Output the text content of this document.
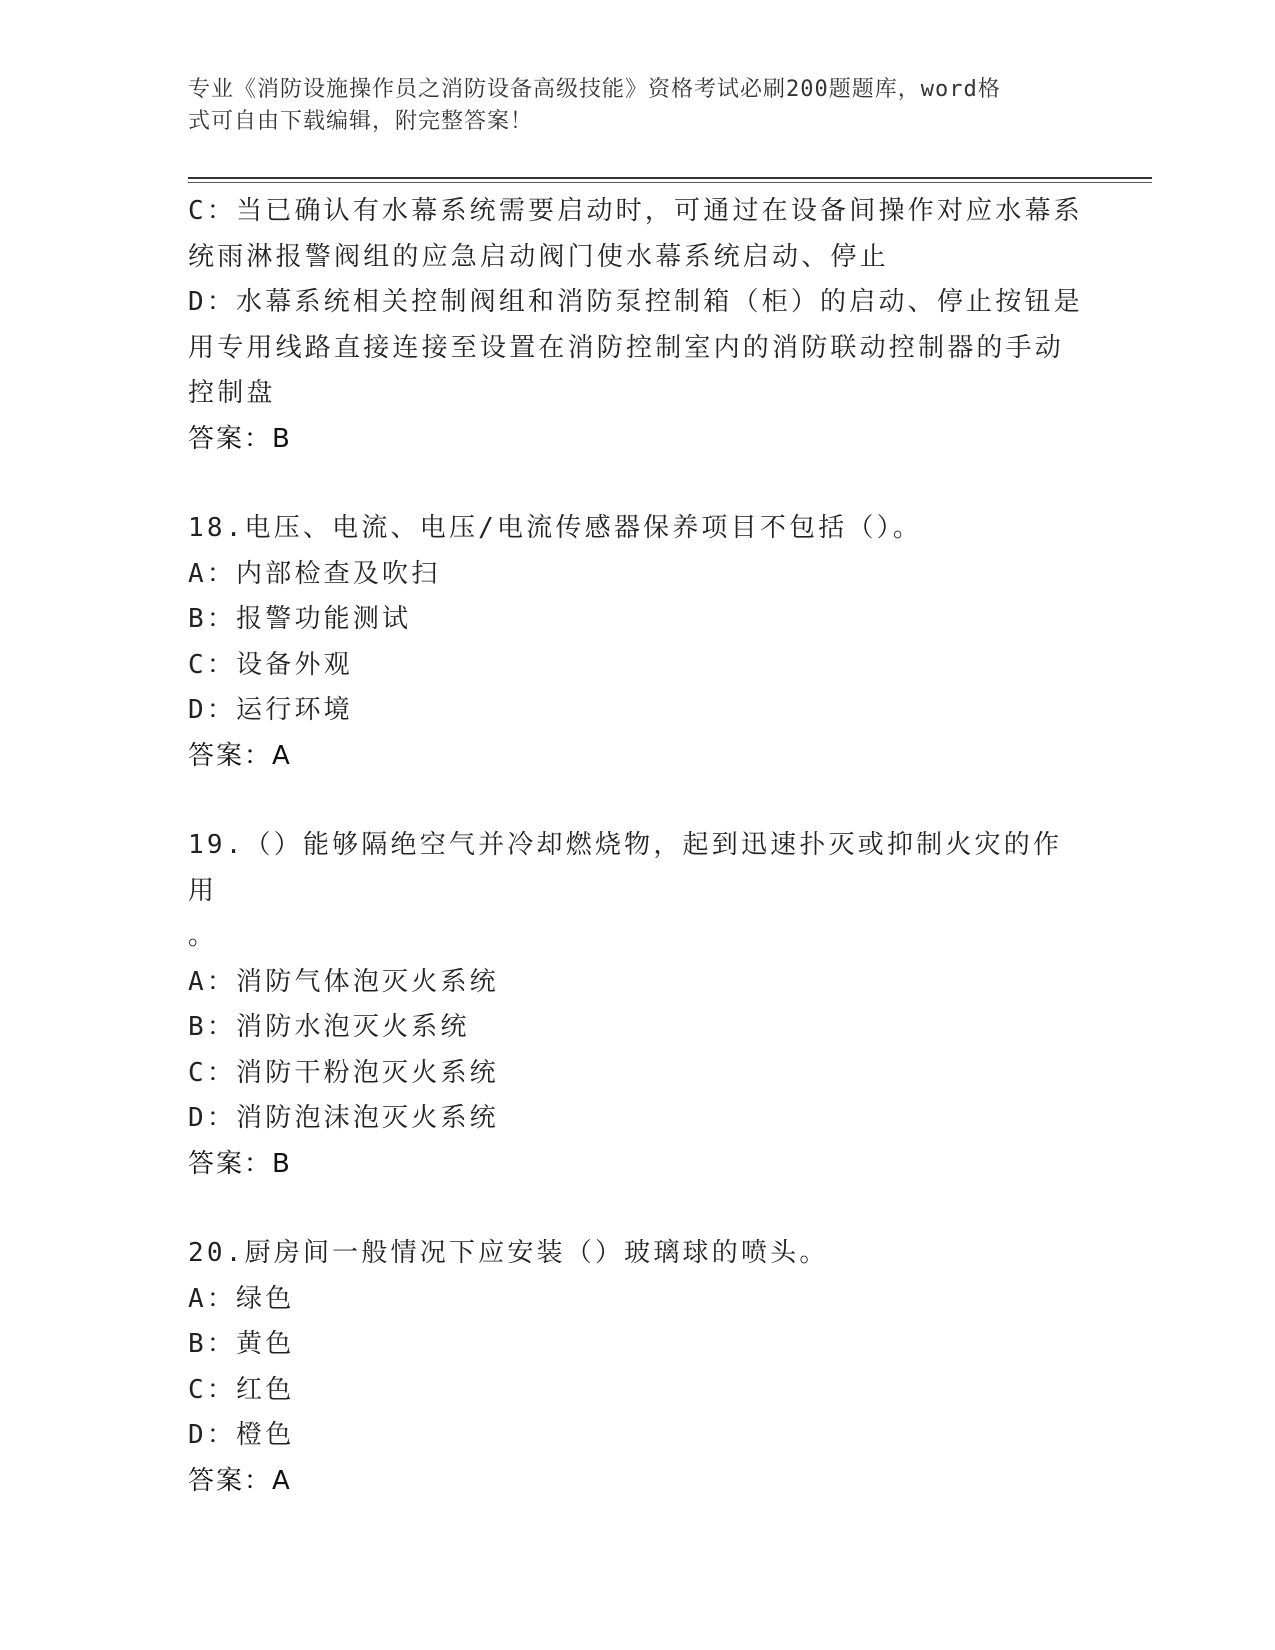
专业《消防设施操作员之消防设备高级技能》资格考试必刷200题题库，word格
式可自由下载编辑，附完整答案！

C：当已确认有水幕系统需要启动时，可通过在设备间操作对应水幕系

统雨淋报警阀组的应急启动阀门使水幕系统启动、停止

D：水幕系统相关控制阀组和消防泵控制箱（柜）的启动、停止按钮是

用专用线路直接连接至设置在消防控制室内的消防联动控制器的手动

控制盘

答案：B

18.电压、电流、电压/电流传感器保养项目不包括（）。

A：内部检查及吹扫

B：报警功能测试

C：设备外观

D：运行环境

答案：A

19.（）能够隔绝空气并冷却燃烧物，起到迅速扑灭或抑制火灾的作用

。

A：消防气体泡灭火系统

B：消防水泡灭火系统

C：消防干粉泡灭火系统

D：消防泡沫泡灭火系统

答案：B

20.厨房间一般情况下应安装（）玻璃球的喷头。

A：绿色

B：黄色

C：红色

D：橙色

答案：A
